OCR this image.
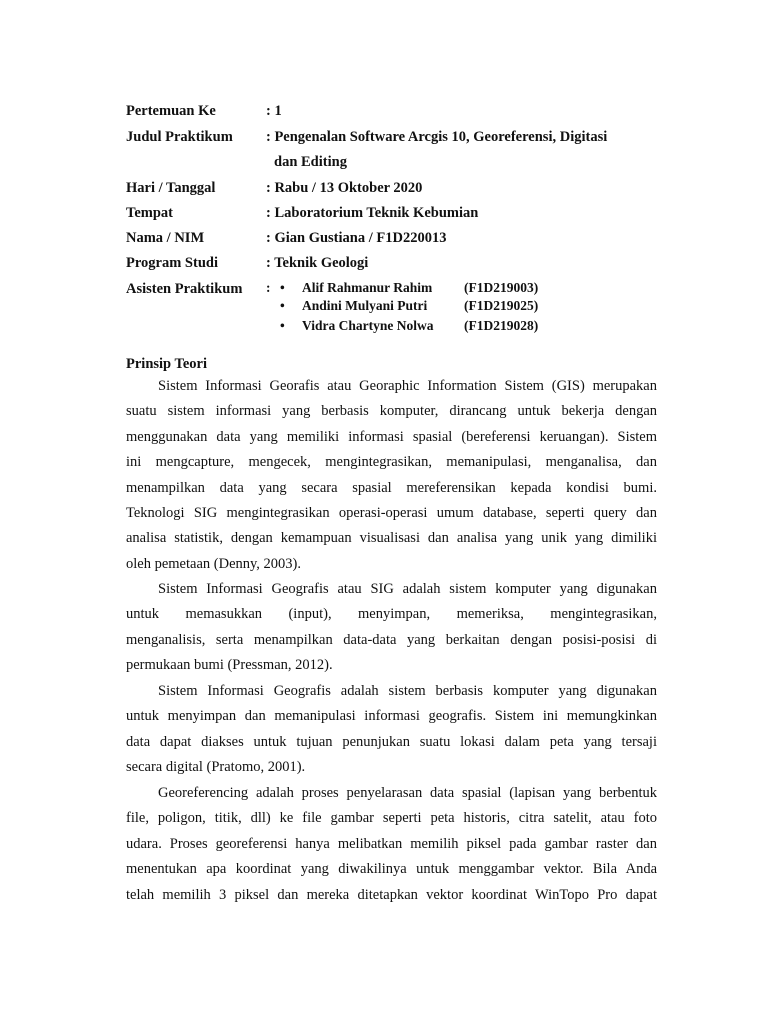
Pertemuan Ke	: 1
Judul Praktikum : Pengenalan Software Arcgis 10, Georeferensi, Digitasi
dan Editing
Hari / Tanggal	: Rabu / 13 Oktober 2020
Tempat	: Laboratorium Teknik Kebumian
Nama / NIM	: Gian Gustiana / F1D220013
Program Studi	: Teknik Geologi
Asisten Praktikum : • Alif Rahmanur Rahim (F1D219003)
• Andini Mulyani Putri	(F1D219025)
• Vidra Chartyne Nolwa (F1D219028)
Prinsip Teori
Sistem Informasi Georafis atau Georaphic Information Sistem (GIS) merupakan
suatu sistem informasi yang berbasis komputer, dirancang untuk bekerja dengan
menggunakan data yang memiliki informasi spasial (bereferensi keruangan). Sistem
ini mengcapture, mengecek, mengintegrasikan, memanipulasi, menganalisa, dan
menampilkan data yang secara spasial mereferensikan kepada kondisi bumi.
Teknologi SIG mengintegrasikan operasi-operasi umum database, seperti query dan
analisa statistik, dengan kemampuan visualisasi dan analisa yang unik yang dimiliki
oleh pemetaan (Denny, 2003).
Sistem Informasi Geografis atau SIG adalah sistem komputer yang digunakan
untuk memasukkan (input), menyimpan, memeriksa, mengintegrasikan,
menganalisis, serta menampilkan data-data yang berkaitan dengan posisi-posisi di
permukaan bumi (Pressman, 2012).
Sistem Informasi Geografis adalah sistem berbasis komputer yang digunakan
untuk menyimpan dan memanipulasi informasi geografis. Sistem ini memungkinkan
data dapat diakses untuk tujuan penunjukan suatu lokasi dalam peta yang tersaji
secara digital (Pratomo, 2001).
Georeferencing adalah proses penyelarasan data spasial (lapisan yang berbentuk
file, poligon, titik, dll) ke file gambar seperti peta historis, citra satelit, atau foto
udara. Proses georeferensi hanya melibatkan memilih piksel pada gambar raster dan
menentukan apa koordinat yang diwakilinya untuk menggambar vektor. Bila Anda
telah memilih 3 piksel dan mereka ditetapkan vektor koordinat WinTopo Pro dapat
